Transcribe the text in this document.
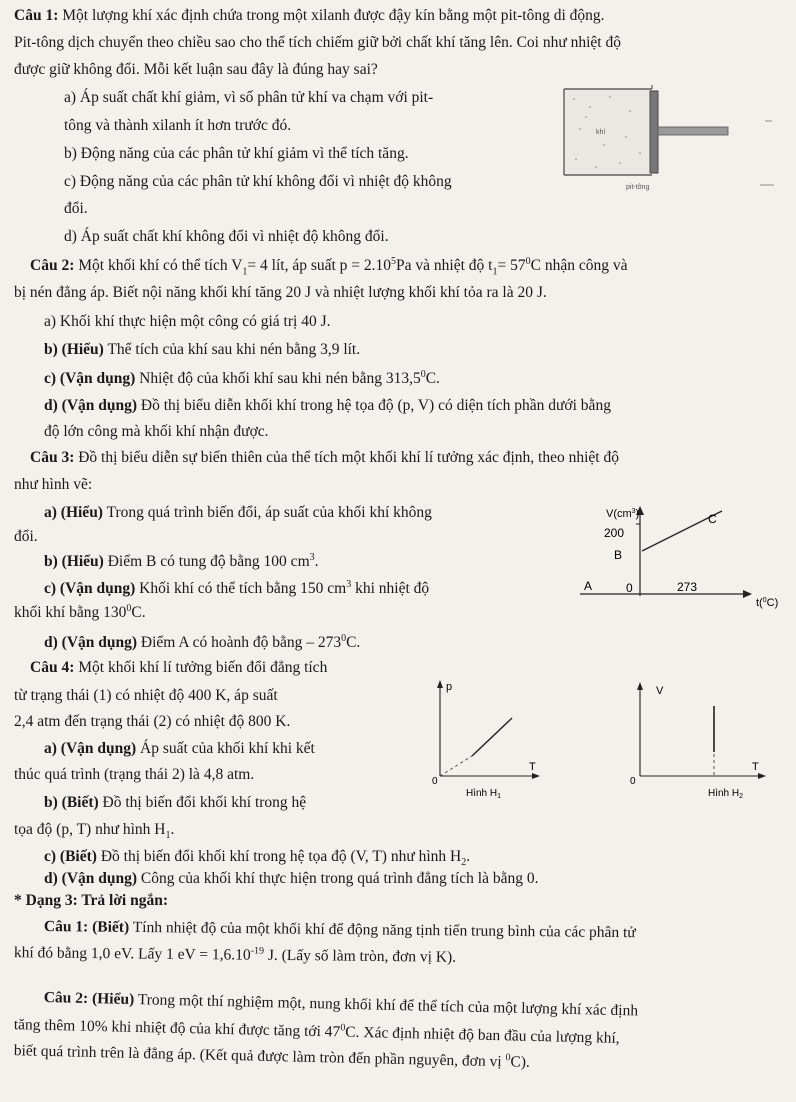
Câu 1: Một lượng khí xác định chứa trong một xilanh được đậy kín bằng một pit-tông di động.
Pit-tông dịch chuyển theo chiều sao cho thể tích chiếm giữ bởi chất khí tăng lên. Coi như nhiệt độ
được giữ không đổi. Mỗi kết luận sau đây là đúng hay sai?
a) Áp suất chất khí giảm, vì số phân tử khí va chạm với pit-
tông và thành xilanh ít hơn trước đó.
b) Động năng của các phân tử khí giảm vì thể tích tăng.
c) Động năng của các phân tử khí không đổi vì nhiệt độ không
đổi.
d) Áp suất chất khí không đổi vì nhiệt độ không đổi.
khí
pit-tông
Câu 2: Một khối khí có thể tích $V_1= 4$ lít, áp suất $p = 2.10^5Pa$ và nhiệt độ $t_1= 57^0C$ nhận công và
bị nén đẳng áp. Biết nội năng khối khí tăng 20 J và nhiệt lượng khối khí tỏa ra là 20 J.
a) Khối khí thực hiện một công có giá trị 40 J.
b) (Hiểu) Thể tích của khí sau khi nén bằng 3,9 lít.
c) (Vận dụng) Nhiệt độ của khối khí sau khi nén bằng 313,5$^0$C.
d) (Vận dụng) Đồ thị biểu diễn khối khí trong hệ tọa độ (p, V) có diện tích phần dưới bằng
độ lớn công mà khối khí nhận được.
Câu 3: Đồ thị biểu diễn sự biến thiên của thể tích một khối khí lí tưởng xác định, theo nhiệt độ
như hình vẽ:
a) (Hiểu) Trong quá trình biến đổi, áp suất của khối khí không
đổi.
b) (Hiểu) Điểm B có tung độ bằng 100 $cm^3$.
c) (Vận dụng) Khối khí có thể tích bằng 150 $cm^3$ khi nhiệt độ
khối khí bằng $130^0C$.
d) (Vận dụng) Điểm A có hoành độ bằng – $273^0C$.
$V(cm^3)$
200
C
B
A	0	273
t($^0$C)
Câu 4: Một khối khí lí tưởng biến đổi đẳng tích
từ trạng thái (1) có nhiệt độ 400 K, áp suất
2,4 atm đến trạng thái (2) có nhiệt độ 800 K.
a) (Vận dụng) Áp suất của khối khí khi kết
thúc quá trình (trạng thái 2) là 4,8 atm.
b) (Biết) Đồ thị biến đổi khối khí trong hệ
tọa độ (p, T) như hình $H_1$.
c) (Biết) Đồ thị biến đổi khối khí trong hệ tọa độ (V, T) như hình $H_2$.
d) (Vận dụng) Công của khối khí thực hiện trong quá trình đẳng tích là bằng 0.
p
T
0
Hình $H_1$
V
T
0
Hình $H_2$
* Dạng 3: Trả lời ngắn:
Câu 1: (Biết) Tính nhiệt độ của một khối khí để động năng tịnh tiến trung bình của các phân tử
khí đó bằng 1,0 eV. Lấy 1 eV = $1,6.10^{-19}$ J. (Lấy số làm tròn, đơn vị K).
Câu 2: (Hiểu) Trong một thí nghiệm một, nung khối khí để thể tích của một lượng khí xác định
tăng thêm 10% khi nhiệt độ của khí được tăng tới $47^0C$. Xác định nhiệt độ ban đầu của lượng khí,
biết quá trình trên là đẳng áp. (Kết quả được làm tròn đến phần nguyên, đơn vị $^0$C).
